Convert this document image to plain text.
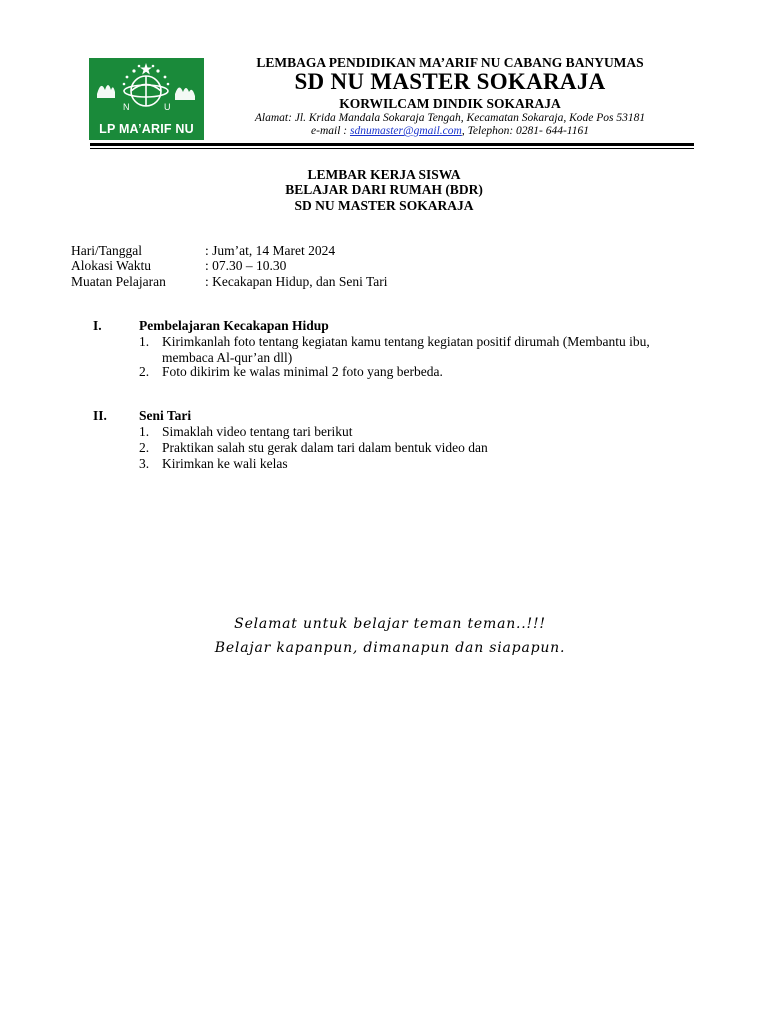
N	U
LP MA’ARIF NU
LEMBAGA PENDIDIKAN MA’ARIF NU CABANG BANYUMAS
SD NU MASTER SOKARAJA
KORWILCAM DINDIK SOKARAJA
Alamat: Jl. Krida Mandala Sokaraja Tengah, Kecamatan Sokaraja, Kode Pos 53181
e-mail : sdnumaster@gmail.com, Telephon: 0281- 644-1161
LEMBAR KERJA SISWA
BELAJAR DARI RUMAH (BDR)
SD NU MASTER SOKARAJA
Hari/Tanggal	: Jum’at, 14 Maret 2024
Alokasi Waktu	: 07.30 – 10.30
Muatan Pelajaran	: Kecakapan Hidup, dan Seni Tari
I.	Pembelajaran Kecakapan Hidup
1. Kirimkanlah foto tentang kegiatan kamu tentang kegiatan positif dirumah (Membantu ibu, membaca Al-qur’an dll)
2. Foto dikirim ke walas minimal 2 foto yang berbeda.
II. Seni Tari
1. Simaklah video tentang tari berikut
2. Praktikan salah stu gerak dalam tari dalam bentuk video dan
3. Kirimkan ke wali kelas
Selamat untuk belajar teman teman..!!!
Belajar kapanpun, dimanapun dan siapapun.
